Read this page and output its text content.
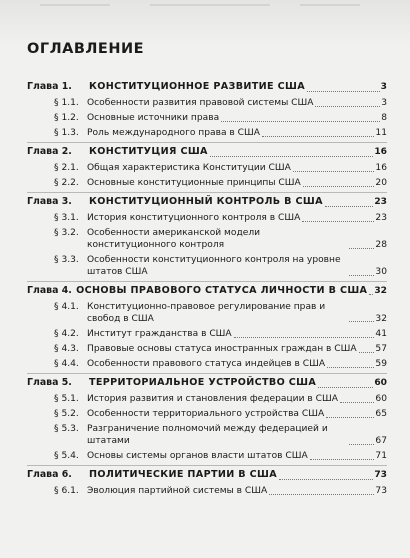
ОГЛАВЛЕНИЕ
Глава 1.	КОНСТИТУЦИОННОЕ РАЗВИТИЕ США	3
§ 1.1. Особенности развития правовой системы США	3
§ 1.2. Основные источники права	8
§ 1.3. Роль международного права в США	11
Глава 2.	КОНСТИТУЦИЯ США	16
§ 2.1. Общая характеристика Конституции США	16
§ 2.2. Основные конституционные принципы США	20
Глава 3.	КОНСТИТУЦИОННЫЙ КОНТРОЛЬ В США	23
§ 3.1. История конституционного контроля в США	23
§ 3.2. Особенности американской модели конституционного контроля	28
§ 3.3. Особенности конституционного контроля на уровне штатов США	30
Глава 4. ОСНОВЫ ПРАВОВОГО СТАТУСА ЛИЧНОСТИ В США 32
§ 4.1. Конституционно-правовое регулирование прав и свобод в США	32
§ 4.2. Институт гражданства в США	41
§ 4.3. Правовые основы статуса иностранных граждан в США 57
§ 4.4. Особенности правового статуса индейцев в США	59
Глава 5.	ТЕРРИТОРИАЛЬНОЕ УСТРОЙСТВО США	60
§ 5.1. История развития и становления федерации в США	60
§ 5.2. Особенности территориального устройства США	65
§ 5.3. Разграничение полномочий между федерацией и штатами	67
§ 5.4. Основы системы органов власти штатов США	71
Глава 6.	ПОЛИТИЧЕСКИЕ ПАРТИИ В США	73
§ 6.1. Эволюция партийной системы в США	73
